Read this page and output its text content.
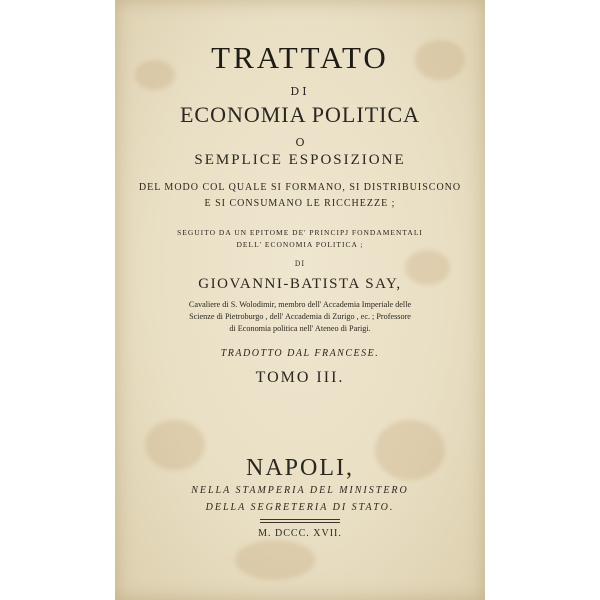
TRATTATO
DI
ECONOMIA POLITICA
O
SEMPLICE ESPOSIZIONE
DEL MODO COL QUALE SI FORMANO, SI DISTRIBUISCONO
E SI CONSUMANO LE RICCHEZZE ;
SEGUITO DA UN EPITOME DE' PRINCIPJ FONDAMENTALI
DELL' ECONOMIA POLITICA ;
DI
GIOVANNI-BATISTA SAY,
Cavaliere di S. Wolodimir, membro dell' Accademia Imperiale delle
Scienze di Pietroburgo , dell' Accademia di Zurigo , ec. ; Professore
di Economia politica nell' Ateneo di Parigi.
TRADOTTO DAL FRANCESE.
TOMO III.
NAPOLI,
NELLA STAMPERIA DEL MINISTERO
DELLA SEGRETERIA DI STATO.
M. DCCC. XVII.
